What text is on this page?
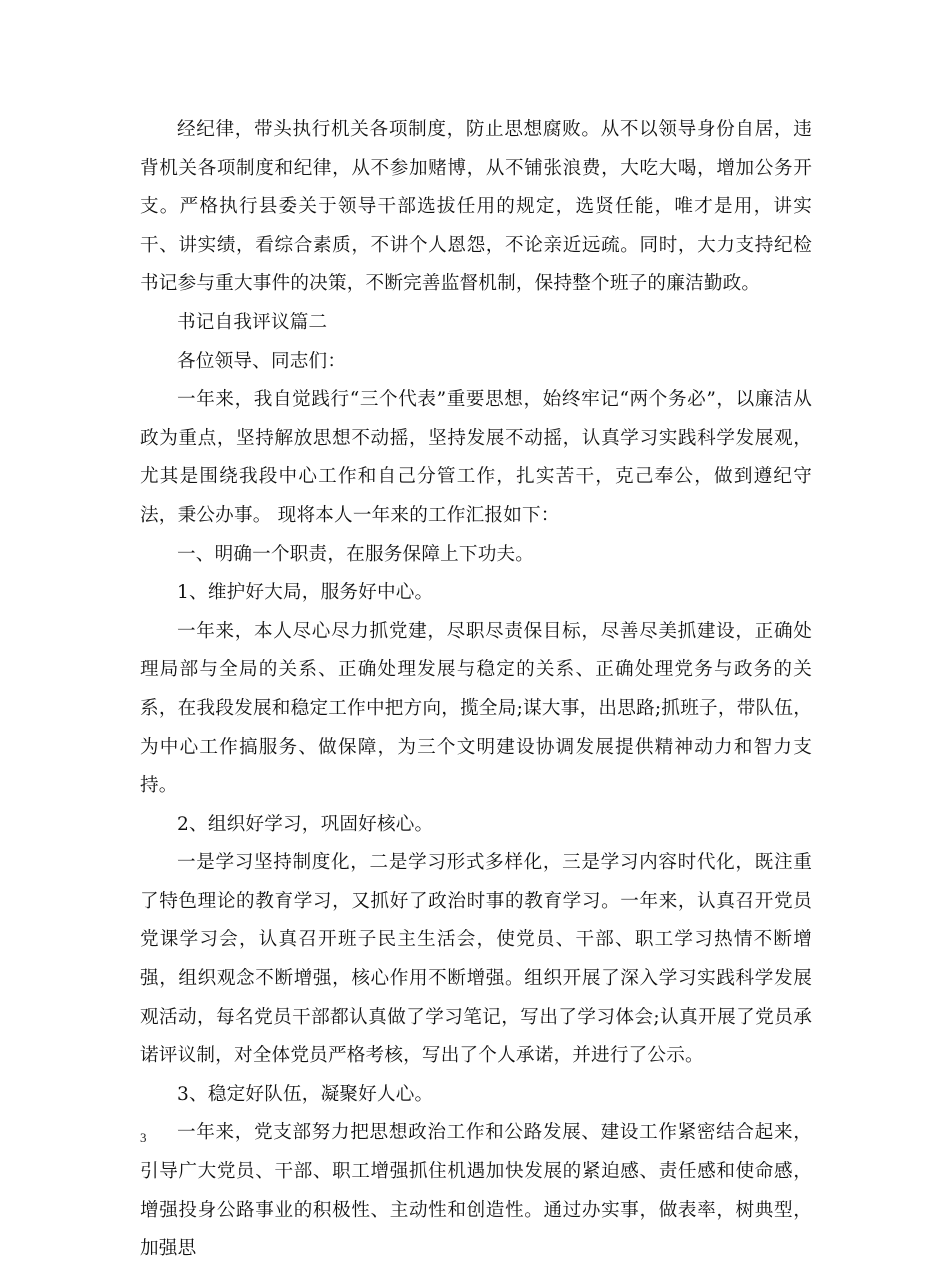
经纪律，带头执行机关各项制度，防止思想腐败。从不以领导身份自居，违背机关各项制度和纪律，从不参加赌博，从不铺张浪费，大吃大喝，增加公务开支。严格执行县委关于领导干部选拔任用的规定，选贤任能，唯才是用，讲实干、讲实绩，看综合素质，不讲个人恩怨，不论亲近远疏。同时，大力支持纪检书记参与重大事件的决策，不断完善监督机制，保持整个班子的廉洁勤政。

书记自我评议篇二

各位领导、同志们：

一年来，我自觉践行“三个代表”重要思想，始终牢记“两个务必”，以廉洁从政为重点，坚持解放思想不动摇，坚持发展不动摇，认真学习实践科学发展观，尤其是围绕我段中心工作和自己分管工作，扎实苦干，克己奉公，做到遵纪守法，秉公办事。 现将本人一年来的工作汇报如下：

一、明确一个职责，在服务保障上下功夫。

1、维护好大局，服务好中心。

一年来，本人尽心尽力抓党建，尽职尽责保目标，尽善尽美抓建设，正确处理局部与全局的关系、正确处理发展与稳定的关系、正确处理党务与政务的关系，在我段发展和稳定工作中把方向，揽全局;谋大事，出思路;抓班子，带队伍，为中心工作搞服务、做保障，为三个文明建设协调发展提供精神动力和智力支持。

2、组织好学习，巩固好核心。

一是学习坚持制度化，二是学习形式多样化，三是学习内容时代化，既注重了特色理论的教育学习，又抓好了政治时事的教育学习。一年来，认真召开党员党课学习会，认真召开班子民主生活会，使党员、干部、职工学习热情不断增强，组织观念不断增强，核心作用不断增强。组织开展了深入学习实践科学发展观活动，每名党员干部都认真做了学习笔记，写出了学习体会;认真开展了党员承诺评议制，对全体党员严格考核，写出了个人承诺，并进行了公示。

3、稳定好队伍，凝聚好人心。

一年来，党支部努力把思想政治工作和公路发展、建设工作紧密结合起来，引导广大党员、干部、职工增强抓住机遇加快发展的紧迫感、责任感和使命感，增强投身公路事业的积极性、主动性和创造性。通过办实事，做表率，树典型，加强思

3
